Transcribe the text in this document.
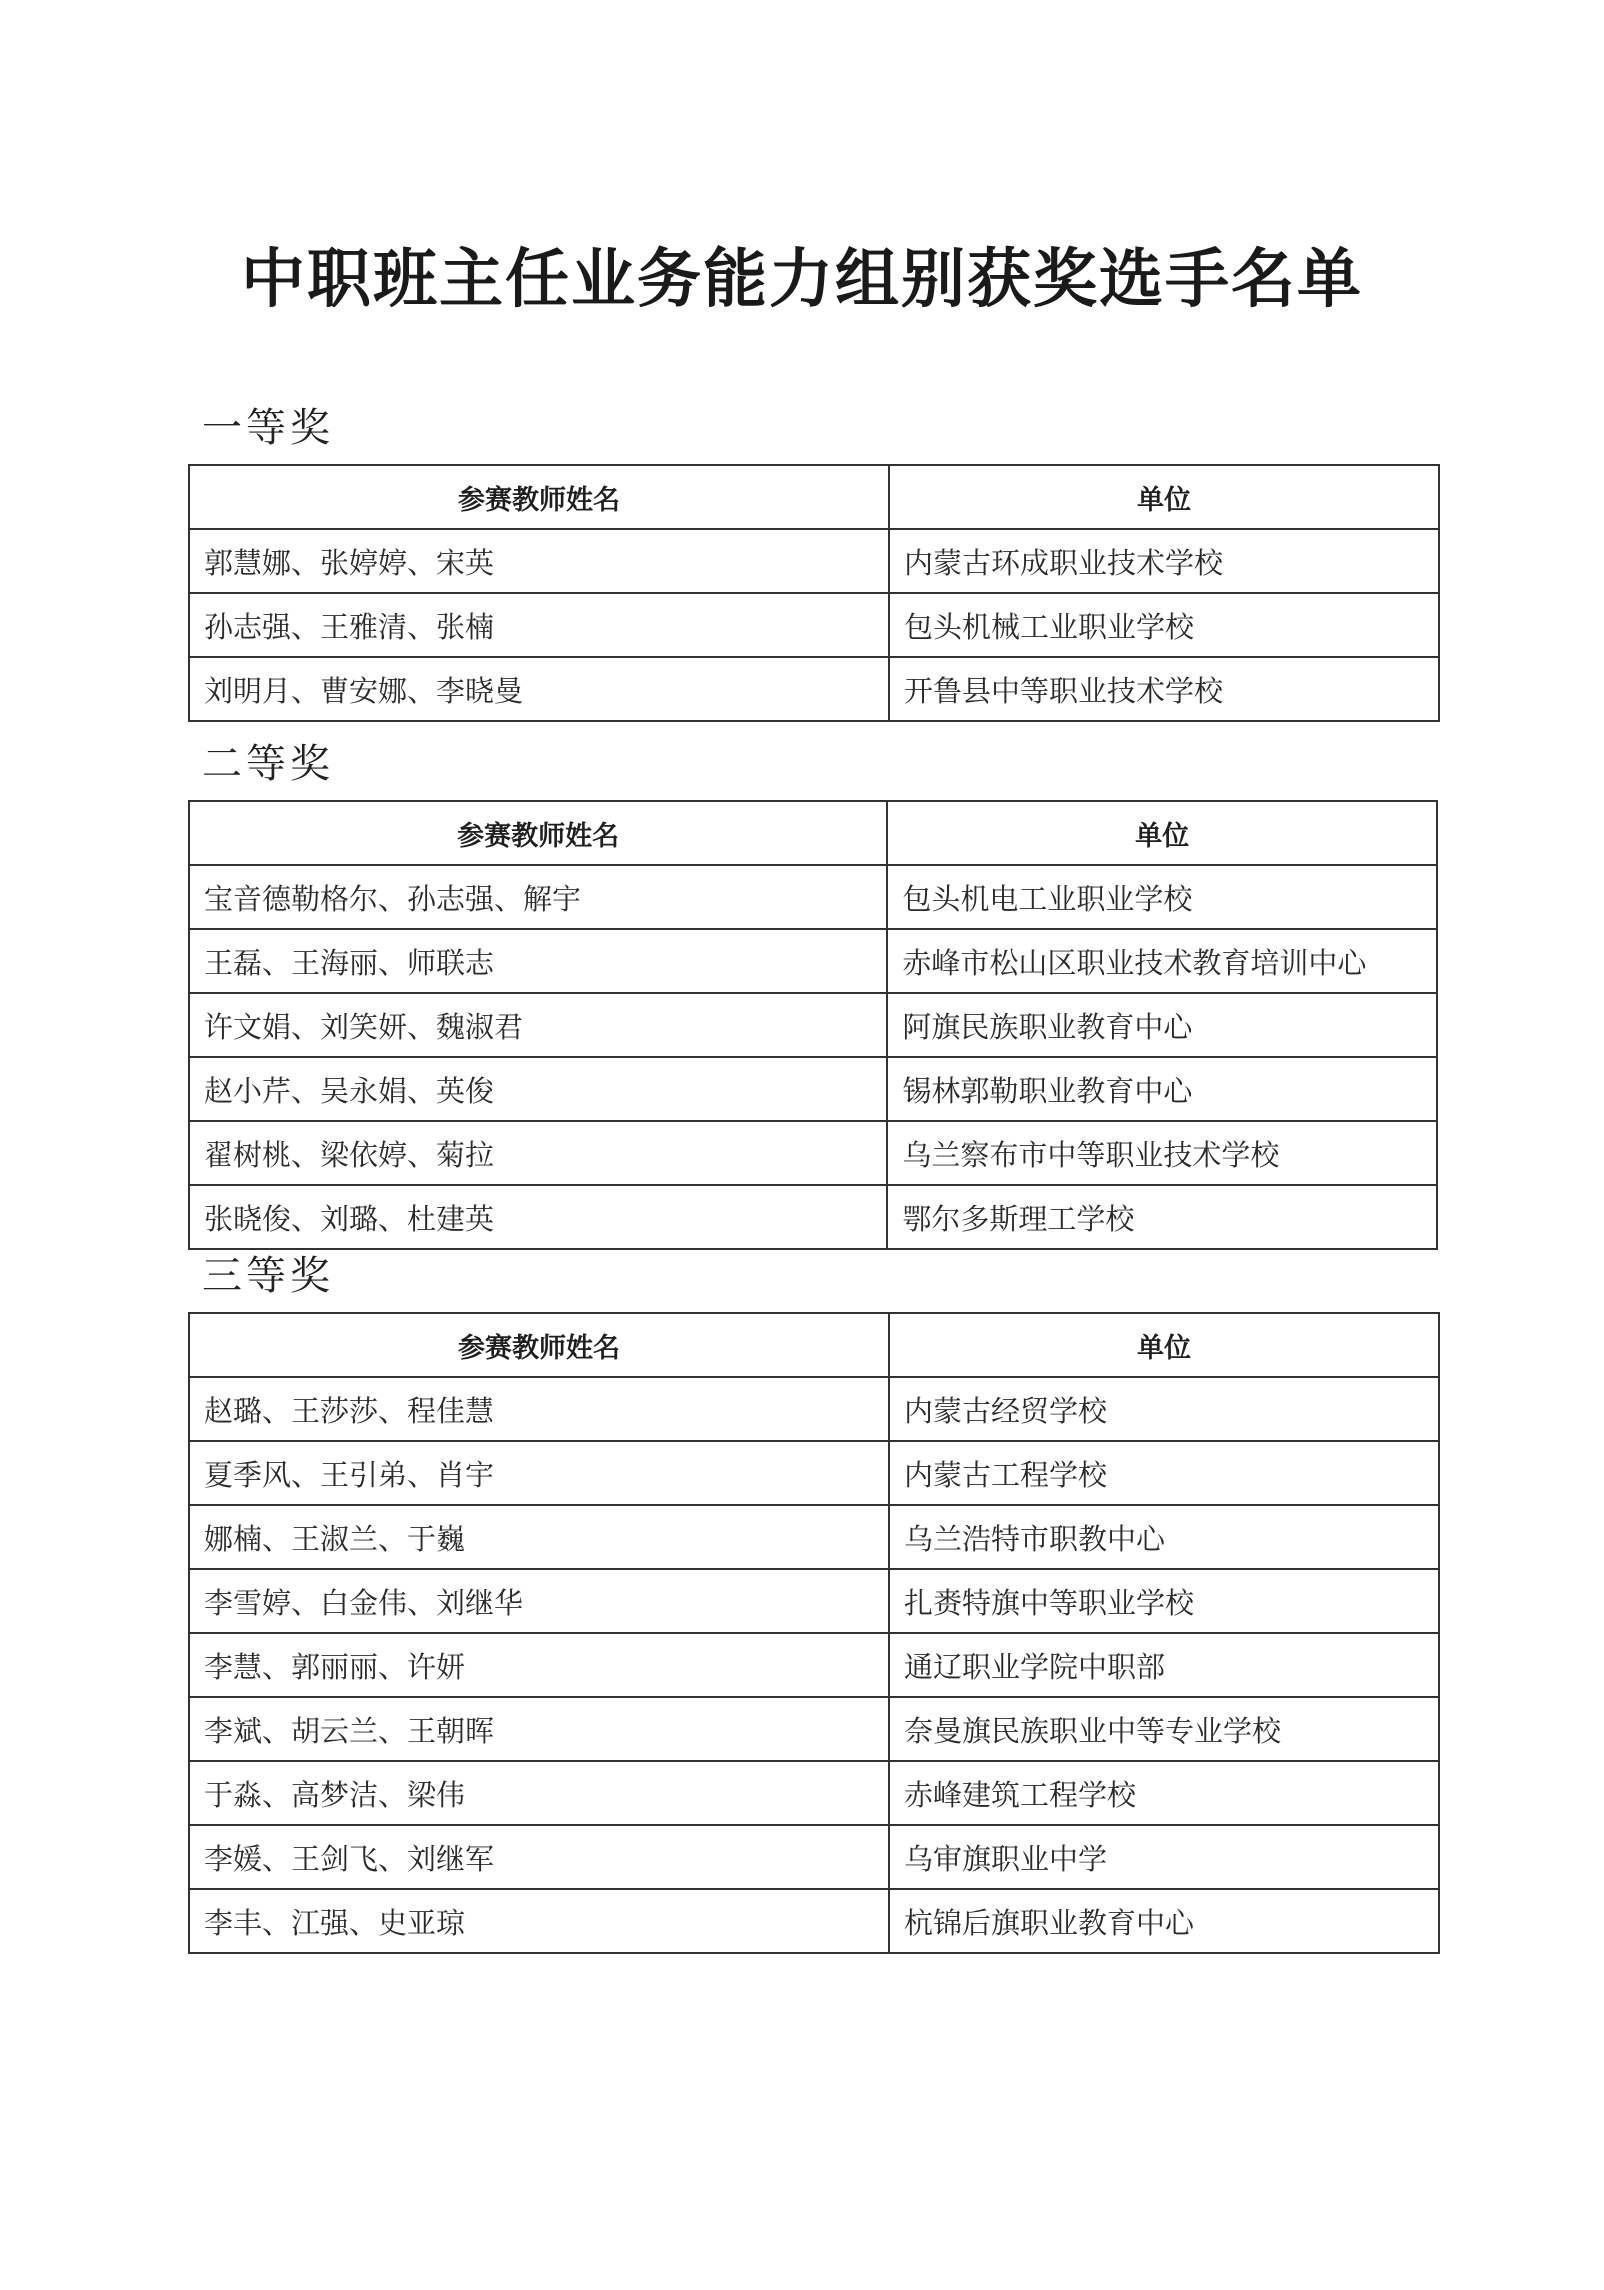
中职班主任业务能力组别获奖选手名单
一等奖
参赛教师姓名	单位
郭慧娜、张婷婷、宋英	内蒙古环成职业技术学校
孙志强、王雅清、张楠	包头机械工业职业学校
刘明月、曹安娜、李晓曼	开鲁县中等职业技术学校
二等奖
参赛教师姓名	单位
宝音德勒格尔、孙志强、解宇	包头机电工业职业学校
王磊、王海丽、师联志	赤峰市松山区职业技术教育培训中心
许文娟、刘笑妍、魏淑君	阿旗民族职业教育中心
赵小芹、吴永娟、英俊	锡林郭勒职业教育中心
翟树桃、梁依婷、菊拉	乌兰察布市中等职业技术学校
张晓俊、刘璐、杜建英	鄂尔多斯理工学校
三等奖
参赛教师姓名	单位
赵璐、王莎莎、程佳慧	内蒙古经贸学校
夏季风、王引弟、肖宇	内蒙古工程学校
娜楠、王淑兰、于巍	乌兰浩特市职教中心
李雪婷、白金伟、刘继华	扎赉特旗中等职业学校
李慧、郭丽丽、许妍	通辽职业学院中职部
李斌、胡云兰、王朝晖	奈曼旗民族职业中等专业学校
于淼、高梦洁、梁伟	赤峰建筑工程学校
李媛、王剑飞、刘继军	乌审旗职业中学
李丰、江强、史亚琼	杭锦后旗职业教育中心
